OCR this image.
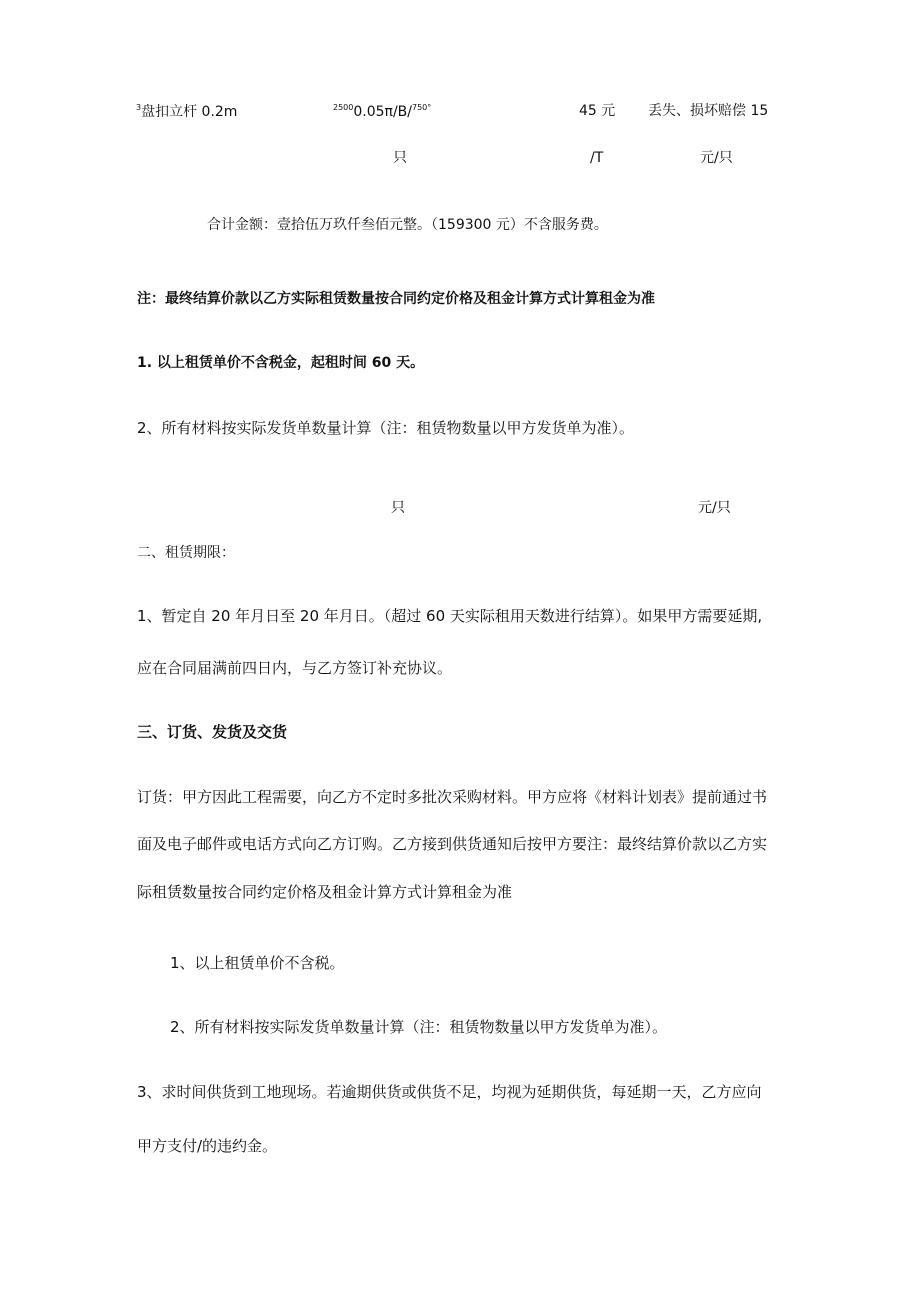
$^3$盘扣立杆 0.2m	$^{2500}$0.05π/B/$^{750^\circ}$	45 元 丢失、损坏赔偿 15
只	/T	元/只
合计金额：壹拾伍万玖仟叁佰元整。（159300 元）不含服务费。
注：最终结算价款以乙方实际租赁数量按合同约定价格及租金计算方式计算租金为准
1. 以上租赁单价不含税金，起租时间 60 天。
2、所有材料按实际发货单数量计算（注：租赁物数量以甲方发货单为准）。
只	元/只
二、租赁期限：
1、暂定自 20 年月日至 20 年月日。（超过 60 天实际租用天数进行结算）。如果甲方需要延期,
应在合同届满前四日内，与乙方签订补充协议。
三、订货、发货及交货
订货：甲方因此工程需要，向乙方不定时多批次采购材料。甲方应将《材料计划表》提前通过书
面及电子邮件或电话方式向乙方订购。乙方接到供货通知后按甲方要注：最终结算价款以乙方实
际租赁数量按合同约定价格及租金计算方式计算租金为准
1、以上租赁单价不含税。
2、所有材料按实际发货单数量计算（注：租赁物数量以甲方发货单为准）。
3、求时间供货到工地现场。若逾期供货或供货不足，均视为延期供货，每延期一天，乙方应向
甲方支付/的违约金。
